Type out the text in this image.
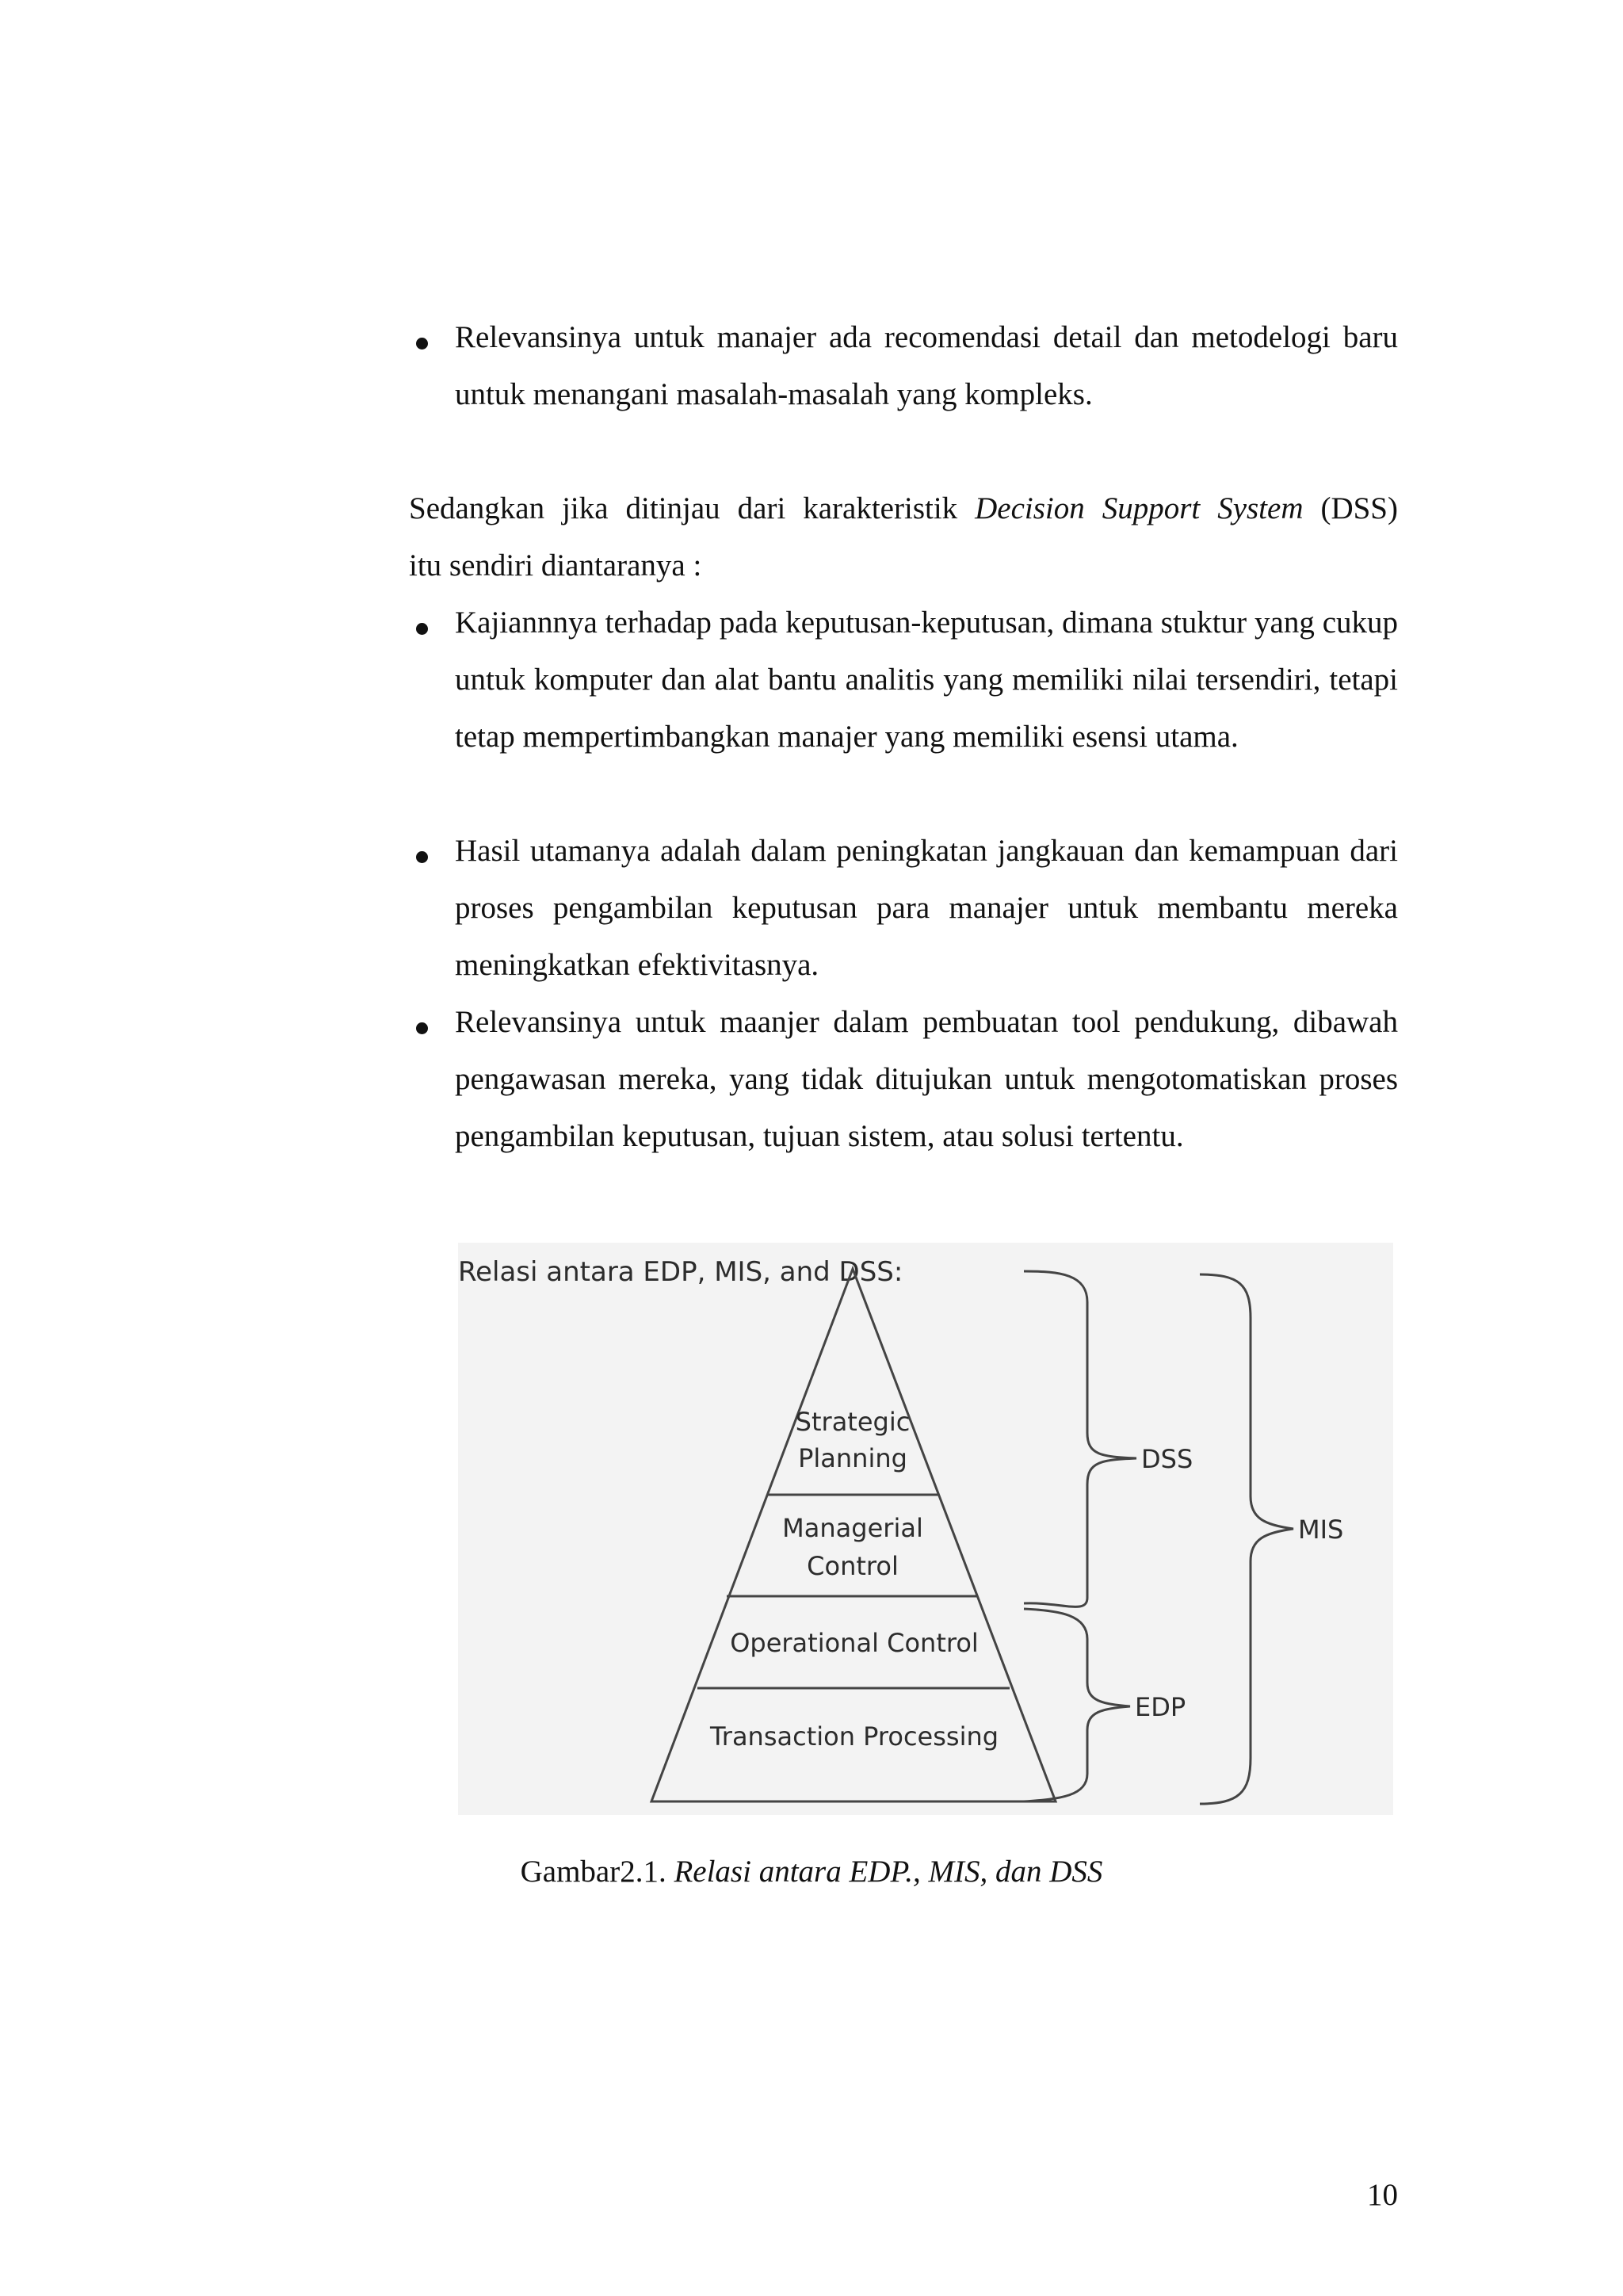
Relevansinya untuk manajer ada recomendasi detail dan metodelogi baru untuk menangani masalah-masalah yang kompleks.
Sedangkan jika ditinjau dari karakteristik Decision Support System (DSS)
itu sendiri diantaranya :
Kajiannnya terhadap pada keputusan-keputusan, dimana stuktur yang cukup untuk komputer dan alat bantu analitis yang memiliki nilai tersendiri, tetapi tetap mempertimbangkan manajer yang memiliki esensi utama.
Hasil utamanya adalah dalam peningkatan jangkauan dan kemampuan dari proses pengambilan keputusan para manajer untuk membantu mereka meningkatkan efektivitasnya.
Relevansinya untuk maanjer dalam pembuatan tool pendukung, dibawah pengawasan mereka, yang tidak ditujukan untuk mengotomatiskan proses pengambilan keputusan, tujuan sistem, atau solusi tertentu.
Relasi antara EDP, MIS, and DSS:
Strategic
Planning
Managerial
Control
Operational Control
Transaction Processing
DSS
EDP
MIS
Gambar2.1. Relasi antara EDP., MIS, dan DSS
10
